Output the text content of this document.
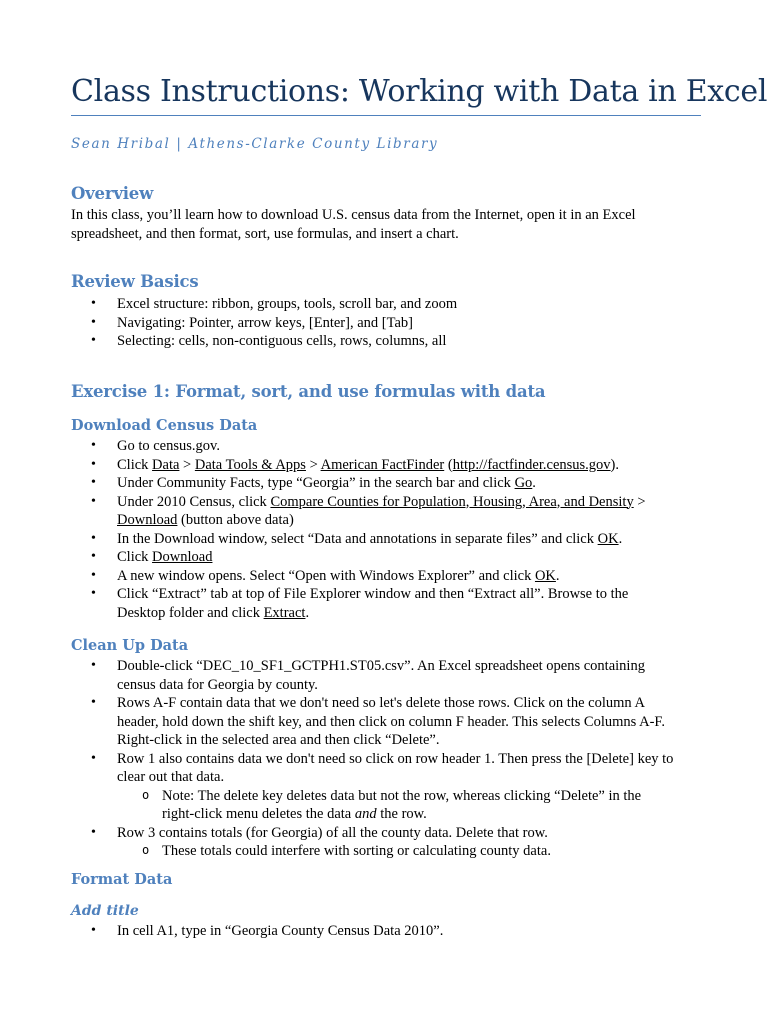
Class Instructions: Working with Data in Excel
Sean Hribal | Athens-Clarke County Library
Overview
In this class, you’ll learn how to download U.S. census data from the Internet, open it in an Excel
spreadsheet, and then format, sort, use formulas, and insert a chart.
Review Basics
• Excel structure: ribbon, groups, tools, scroll bar, and zoom
• Navigating: Pointer, arrow keys, [Enter], and [Tab]
• Selecting: cells, non-contiguous cells, rows, columns, all
Exercise 1: Format, sort, and use formulas with data
Download Census Data
• Go to census.gov.
• Click Data > Data Tools & Apps > American FactFinder (http://factfinder.census.gov).
• Under Community Facts, type “Georgia” in the search bar and click Go.
• Under 2010 Census, click Compare Counties for Population, Housing, Area, and Density >
Download (button above data)
• In the Download window, select “Data and annotations in separate files” and click OK.
• Click Download
• A new window opens. Select “Open with Windows Explorer” and click OK.
• Click “Extract” tab at top of File Explorer window and then “Extract all”. Browse to the
Desktop folder and click Extract.
Clean Up Data
• Double-click “DEC_10_SF1_GCTPH1.ST05.csv”. An Excel spreadsheet opens containing
census data for Georgia by county.
• Rows A-F contain data that we don't need so let's delete those rows. Click on the column A
header, hold down the shift key, and then click on column F header. This selects Columns A-F.
Right-click in the selected area and then click “Delete”.
• Row 1 also contains data we don't need so click on row header 1. Then press the [Delete] key to
clear out that data.
o Note: The delete key deletes data but not the row, whereas clicking “Delete” in the
right-click menu deletes the data and the row.
• Row 3 contains totals (for Georgia) of all the county data. Delete that row.
o These totals could interfere with sorting or calculating county data.
Format Data
Add title
• In cell A1, type in “Georgia County Census Data 2010”.
